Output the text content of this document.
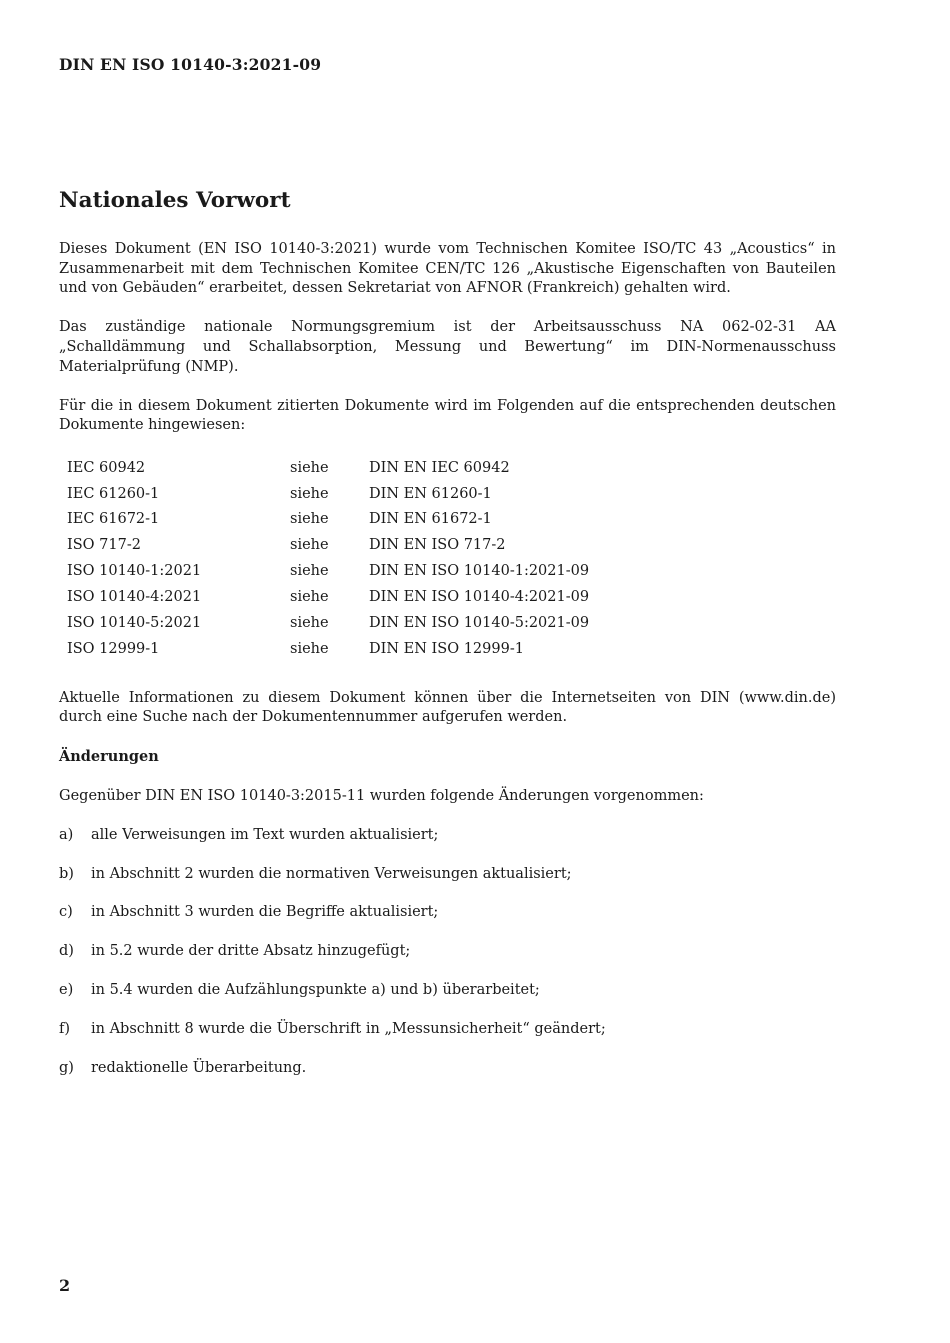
DIN EN ISO 10140-3:2021-09
Nationales Vorwort

Dieses Dokument (EN ISO 10140-3:2021) wurde vom Technischen Komitee ISO/TC 43 „Acoustics“ in Zusammenarbeit mit dem Technischen Komitee CEN/TC 126 „Akustische Eigenschaften von Bauteilen und von Gebäuden“ erarbeitet, dessen Sekretariat von AFNOR (Frankreich) gehalten wird.

Das zuständige nationale Normungsgremium ist der Arbeitsausschuss NA 062-02-31 AA „Schalldämmung und Schallabsorption, Messung und Bewertung“ im DIN-Normenausschuss Materialprüfung (NMP).

Für die in diesem Dokument zitierten Dokumente wird im Folgenden auf die entsprechenden deutschen Dokumente hingewiesen:

IEC 60942	siehe	DIN EN IEC 60942
IEC 61260-1	siehe	DIN EN 61260-1
IEC 61672-1	siehe	DIN EN 61672-1
ISO 717-2	siehe	DIN EN ISO 717-2
ISO 10140-1:2021	siehe	DIN EN ISO 10140-1:2021-09
ISO 10140-4:2021	siehe	DIN EN ISO 10140-4:2021-09
ISO 10140-5:2021	siehe	DIN EN ISO 10140-5:2021-09
ISO 12999-1	siehe	DIN EN ISO 12999-1

Aktuelle Informationen zu diesem Dokument können über die Internetseiten von DIN (www.din.de) durch eine Suche nach der Dokumentennummer aufgerufen werden.

Änderungen

Gegenüber DIN EN ISO 10140-3:2015-11 wurden folgende Änderungen vorgenommen:

a)	alle Verweisungen im Text wurden aktualisiert;
b)	in Abschnitt 2 wurden die normativen Verweisungen aktualisiert;
c)	in Abschnitt 3 wurden die Begriffe aktualisiert;
d)	in 5.2 wurde der dritte Absatz hinzugefügt;
e)	in 5.4 wurden die Aufzählungspunkte a) und b) überarbeitet;
f)	in Abschnitt 8 wurde die Überschrift in „Messunsicherheit“ geändert;
g)	redaktionelle Überarbeitung.
2
